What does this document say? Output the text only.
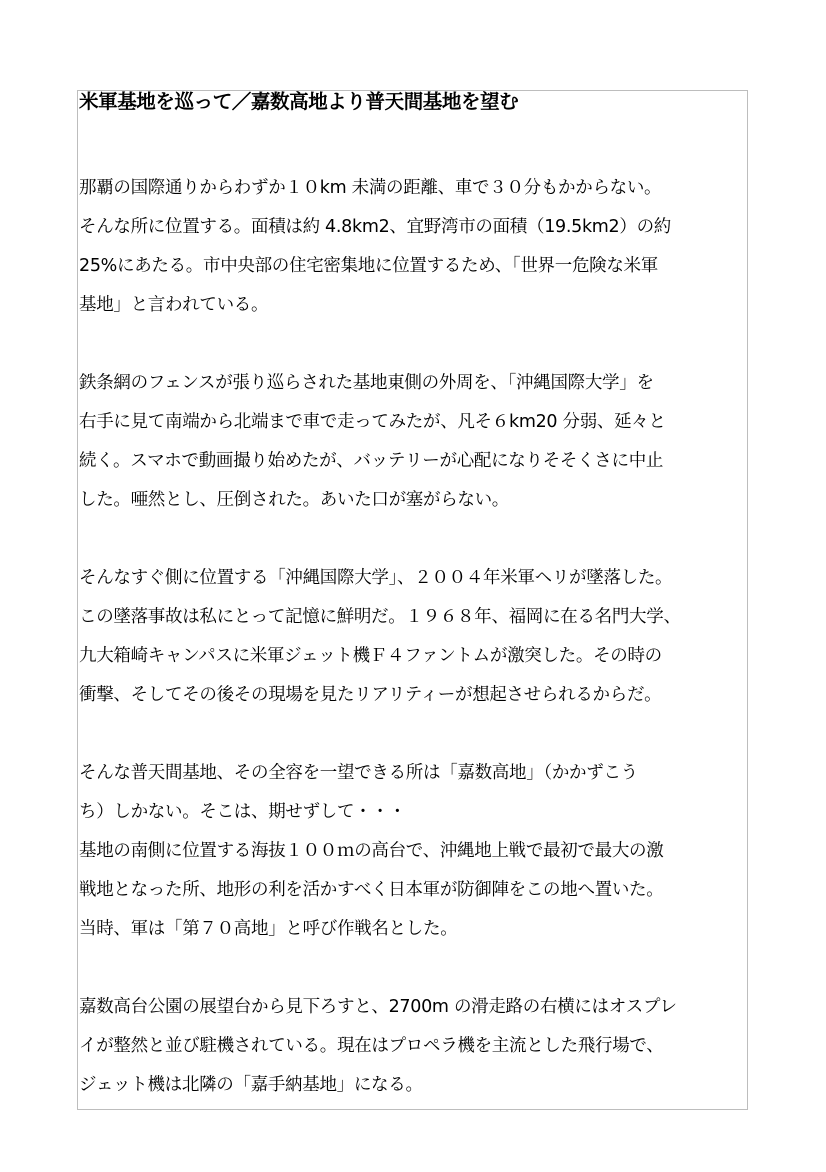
米軍基地を巡って／嘉数高地より普天間基地を望む
那覇の国際通りからわずか１０km 未満の距離、車で３０分もかからない。
そんな所に位置する。面積は約 4.8km2、宜野湾市の面積（19.5km2）の約
25%にあたる。市中央部の住宅密集地に位置するため、「世界一危険な米軍
基地」と言われている。
鉄条網のフェンスが張り巡らされた基地東側の外周を、「沖縄国際大学」を
右手に見て南端から北端まで車で走ってみたが、凡そ６km20 分弱、延々と
続く。スマホで動画撮り始めたが、バッテリーが心配になりそそくさに中止
した。唖然とし、圧倒された。あいた口が塞がらない。
そんなすぐ側に位置する「沖縄国際大学」、２００４年米軍ヘリが墜落した。
この墜落事故は私にとって記憶に鮮明だ。１９６８年、福岡に在る名門大学、
九大箱崎キャンパスに米軍ジェット機Ｆ４ファントムが激突した。その時の
衝撃、そしてその後その現場を見たリアリティーが想起させられるからだ。
そんな普天間基地、その全容を一望できる所は「嘉数高地」（かかずこう
ち）しかない。そこは、期せずして・・・
基地の南側に位置する海抜１００ｍの高台で、沖縄地上戦で最初で最大の激
戦地となった所、地形の利を活かすべく日本軍が防御陣をこの地へ置いた。
当時、軍は「第７０高地」と呼び作戦名とした。
嘉数高台公園の展望台から見下ろすと、2700m の滑走路の右横にはオスプレ
イが整然と並び駐機されている。現在はプロペラ機を主流とした飛行場で、
ジェット機は北隣の「嘉手納基地」になる。
